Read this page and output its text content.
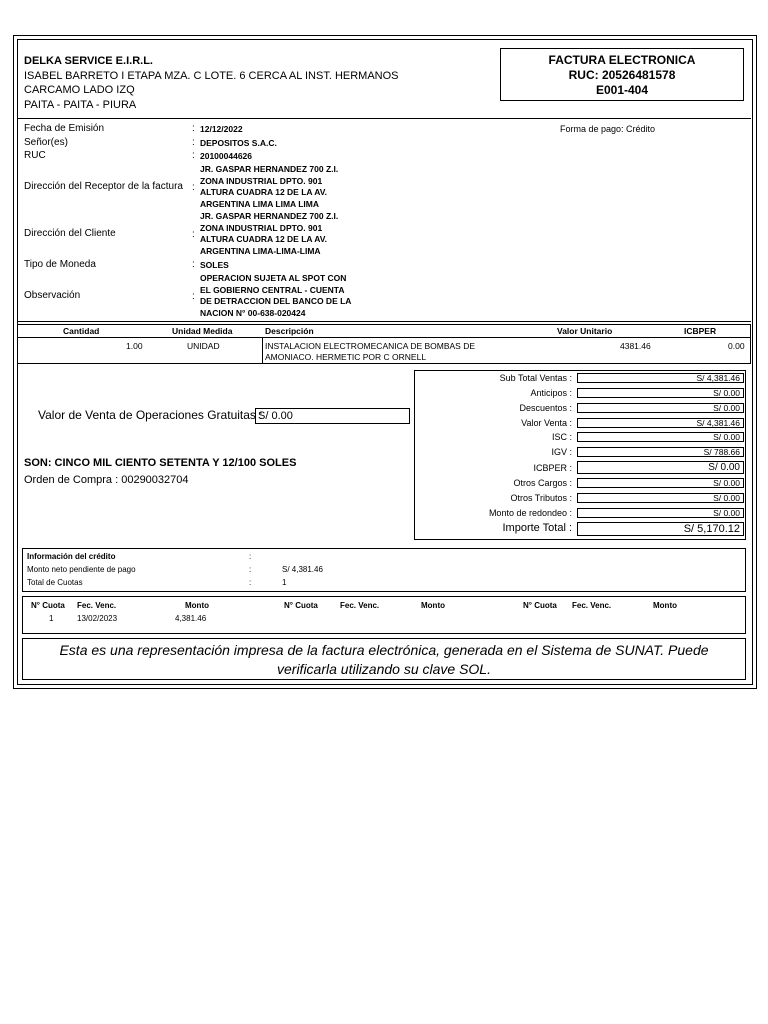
DELKA SERVICE E.I.R.L.
ISABEL BARRETO I ETAPA MZA. C LOTE. 6 CERCA AL INST. HERMANOS
CARCAMO LADO IZQ
PAITA - PAITA - PIURA
FACTURA ELECTRONICA
RUC: 20526481578
E001-404
Fecha de Emisión	: 12/12/2022	Forma de pago: Crédito
Señor(es)	: DEPOSITOS S.A.C.
RUC	: 20100044626
Dirección del Receptor de la factura :
JR. GASPAR HERNANDEZ 700 Z.I.
ZONA INDUSTRIAL DPTO. 901
ALTURA CUADRA 12 DE LA AV.
ARGENTINA LIMA LIMA LIMA
Dirección del Cliente	:
JR. GASPAR HERNANDEZ 700 Z.I.
ZONA INDUSTRIAL DPTO. 901
ALTURA CUADRA 12 DE LA AV.
ARGENTINA LIMA-LIMA-LIMA
Tipo de Moneda	: SOLES
Observación	:
OPERACION SUJETA AL SPOT CON
EL GOBIERNO CENTRAL - CUENTA
DE DETRACCION DEL BANCO DE LA
NACION N° 00-638-020424
Cantidad	Unidad Medida	Descripción	Valor Unitario	ICBPER
1.00	UNIDAD	INSTALACION ELECTROMECANICA DE BOMBAS DE
AMONIACO. HERMETIC POR C ORNELL
4381.46	0.00
Valor de Venta de Operaciones Gratuitas :
S/ 0.00
SON: CINCO MIL CIENTO SETENTA Y 12/100 SOLES
Orden de Compra : 00290032704
Sub Total Ventas :	S/ 4,381.46
Anticipos :	S/ 0.00
Descuentos :	S/ 0.00
Valor Venta :	S/ 4,381.46
ISC :	S/ 0.00
IGV :	S/ 788.66
ICBPER :	S/ 0.00
Otros Cargos :	S/ 0.00
Otros Tributos :	S/ 0.00
Monto de redondeo :	S/ 0.00
Importe Total :	S/ 5,170.12
Información del crédito	:
Monto neto pendiente de pago	:	S/ 4,381.46
Total de Cuotas	:	1
N° Cuota Fec. Venc.	Monto	N° Cuota	Fec. Venc.	Monto	N° Cuota Fec. Venc.	Monto
1	13/02/2023	4,381.46
Esta es una representación impresa de la factura electrónica, generada en el Sistema de SUNAT. Puede
verificarla utilizando su clave SOL.
